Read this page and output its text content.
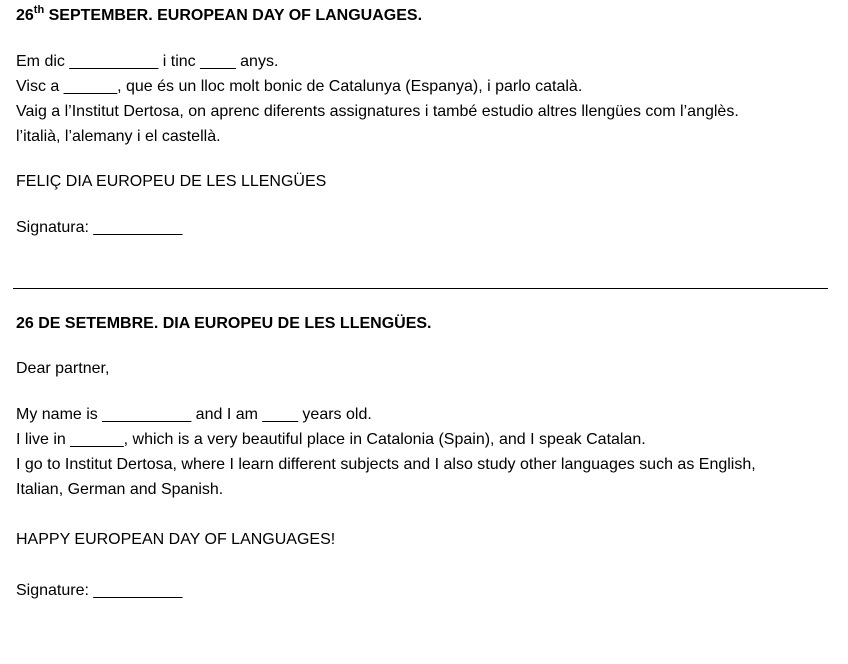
26th SEPTEMBER. EUROPEAN DAY OF LANGUAGES.
Em dic __________ i tinc ____ anys.
Visc a ______, que és un lloc molt bonic de Catalunya (Espanya), i parlo català.
Vaig a l’Institut Dertosa, on aprenc diferents assignatures i també estudio altres llengües com l’anglès.
l’italià, l’alemany i el castellà.
FELIÇ DIA EUROPEU DE LES LLENGÜES
Signatura: __________
26 DE SETEMBRE. DIA EUROPEU DE LES LLENGÜES.
Dear partner,
My name is __________ and I am ____ years old.
I live in ______, which is a very beautiful place in Catalonia (Spain), and I speak Catalan.
I go to Institut Dertosa, where I learn different subjects and I also study other languages such as English,
Italian, German and Spanish.
HAPPY EUROPEAN DAY OF LANGUAGES!
Signature: __________
